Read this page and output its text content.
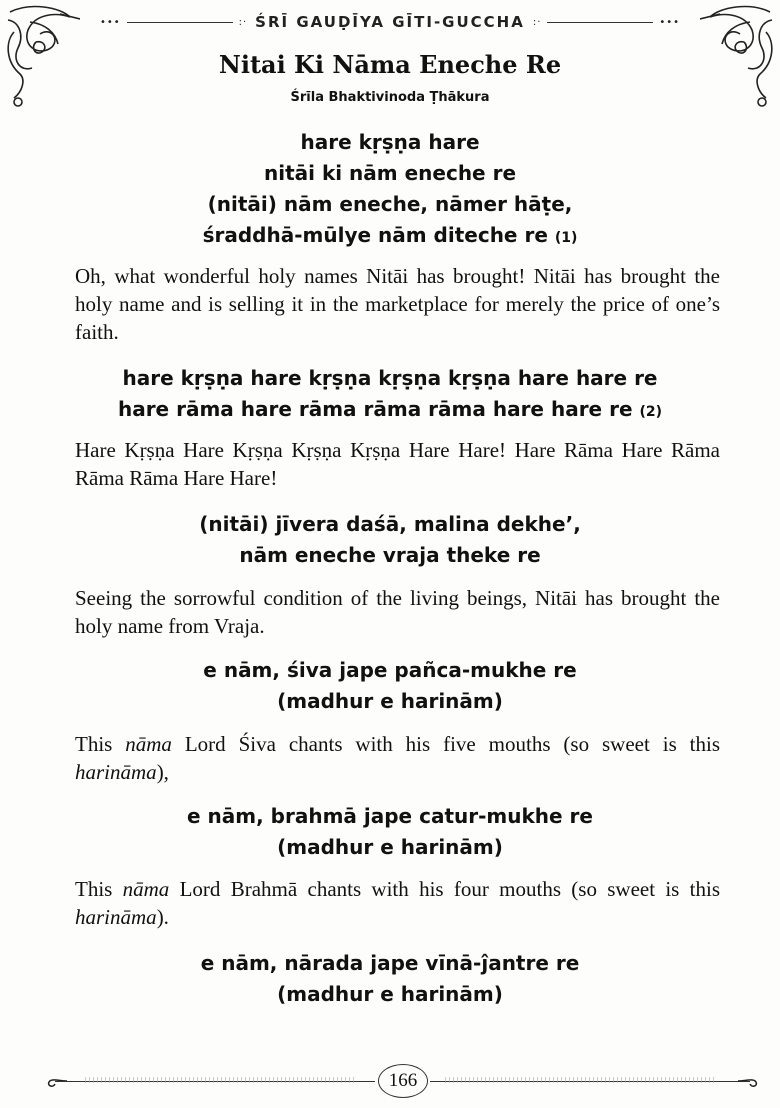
•••	:· ŚRĪ GAUḌĪYA GĪTI-GUCCHA :·	•••
Nitai Ki Nāma Eneche Re
Śrīla Bhaktivinoda Ṭhākura
hare kṛṣṇa hare
nitāi ki nām eneche re
(nitāi) nām eneche, nāmer hāṭe,
śraddhā-mūlye nām diteche re (1)
Oh, what wonderful holy names Nitāi has brought! Nitāi has brought the holy name and is selling it in the marketplace for merely the price of one’s faith.
hare kṛṣṇa hare kṛṣṇa kṛṣṇa kṛṣṇa hare hare re
hare rāma hare rāma rāma rāma hare hare re (2)
Hare Kṛṣṇa Hare Kṛṣṇa Kṛṣṇa Kṛṣṇa Hare Hare! Hare Rāma Hare Rāma Rāma Rāma Hare Hare!
(nitāi) jīvera daśā, malina dekhe’,
nām eneche vraja theke re
Seeing the sorrowful condition of the living beings, Nitāi has brought the holy name from Vraja.
e nām, śiva jape pañca-mukhe re
(madhur e harinām)
This nāma Lord Śiva chants with his five mouths (so sweet is this harināma),
e nām, brahmā jape catur-mukhe re
(madhur e harinām)
This nāma Lord Brahmā chants with his four mouths (so sweet is this harināma).
e nām, nārada jape vīnā-ĵantre re
(madhur e harinām)
166
